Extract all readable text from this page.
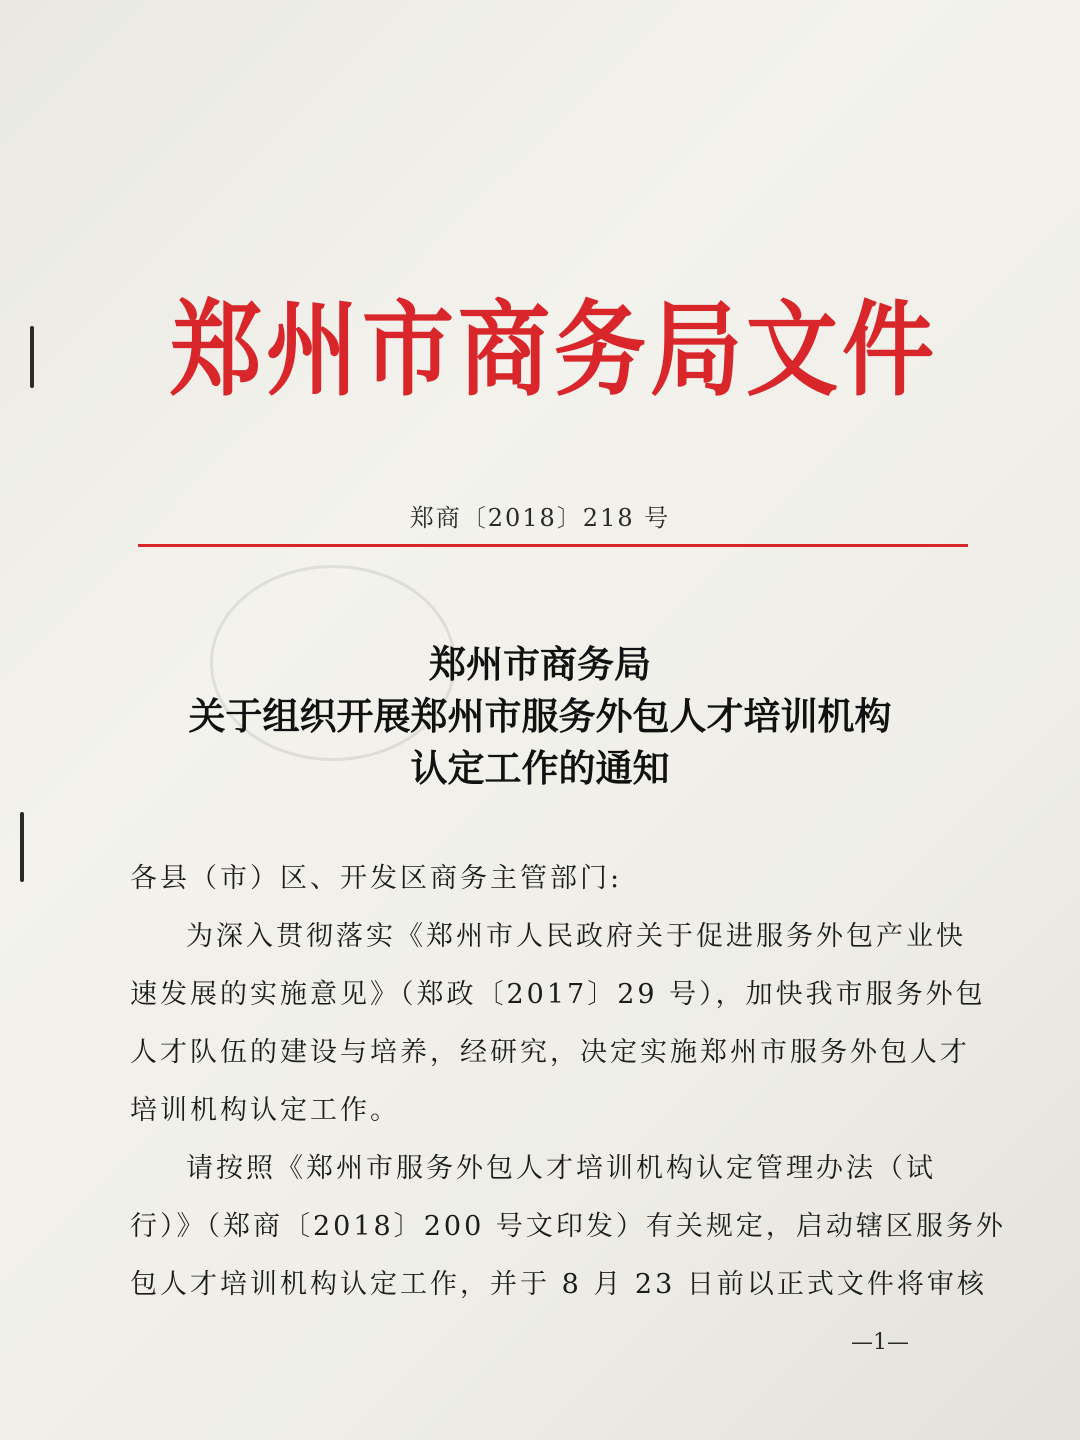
郑州市商务局文件
郑商〔2018〕218 号
郑州市商务局
关于组织开展郑州市服务外包人才培训机构
认定工作的通知
各县（市）区、开发区商务主管部门:
为深入贯彻落实《郑州市人民政府关于促进服务外包产业快
速发展的实施意见》（郑政〔2017〕29 号），加快我市服务外包
人才队伍的建设与培养，经研究，决定实施郑州市服务外包人才
培训机构认定工作。
请按照《郑州市服务外包人才培训机构认定管理办法（试
行）》（郑商〔2018〕200 号文印发）有关规定，启动辖区服务外
包人才培训机构认定工作，并于 8 月 23 日前以正式文件将审核
—1—
